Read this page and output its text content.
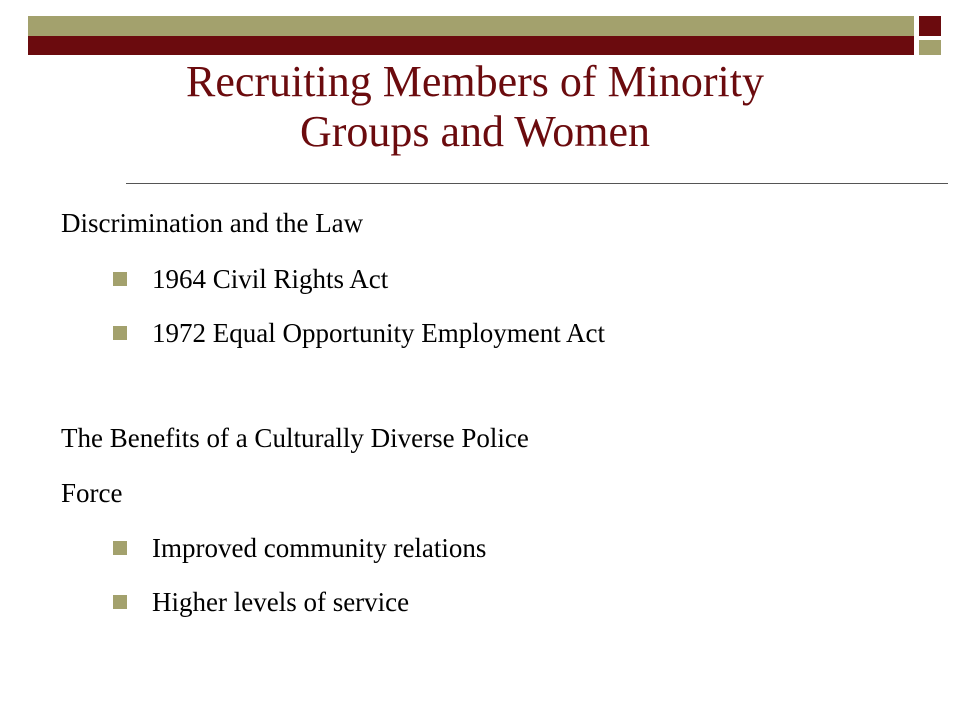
Recruiting Members of Minority
Groups and Women

Discrimination and the Law

1964 Civil Rights Act

1972 Equal Opportunity Employment Act

The Benefits of a Culturally Diverse Police

Force

Improved community relations

Higher levels of service
